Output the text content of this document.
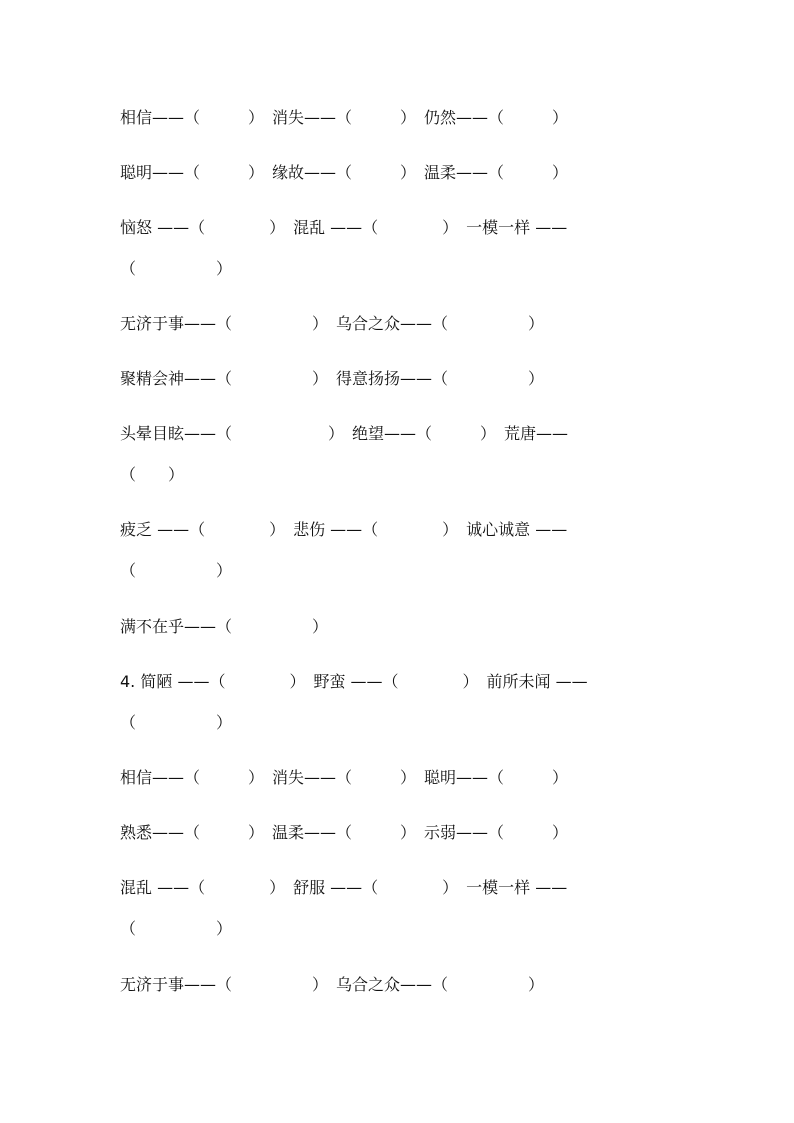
相信——（　　　）　消失——（　　　）　仍然——（　　　）
聪明——（　　　）　缘故——（　　　）　温柔——（　　　）
恼怒 ——（　　　　）　混乱 ——（　　　　）　一模一样 ——
（　　　　　）
无济于事——（　　　　　）　乌合之众——（　　　　　）
聚精会神——（　　　　　）　得意扬扬——（　　　　　）
头晕目眩——（　　　　　　）　绝望——（　　　）　荒唐——
（　　）
疲乏 ——（　　　　）　悲伤 ——（　　　　）　诚心诚意 ——
（　　　　　）
满不在乎——（　　　　　）
4. 简陋 ——（　　　　）　野蛮 ——（　　　　）　前所未闻 ——
（　　　　　）
相信——（　　　）　消失——（　　　）　聪明——（　　　）
熟悉——（　　　）　温柔——（　　　）　示弱——（　　　）
混乱 ——（　　　　）　舒服 ——（　　　　）　一模一样 ——
（　　　　　）
无济于事——（　　　　　）　乌合之众——（　　　　　）
